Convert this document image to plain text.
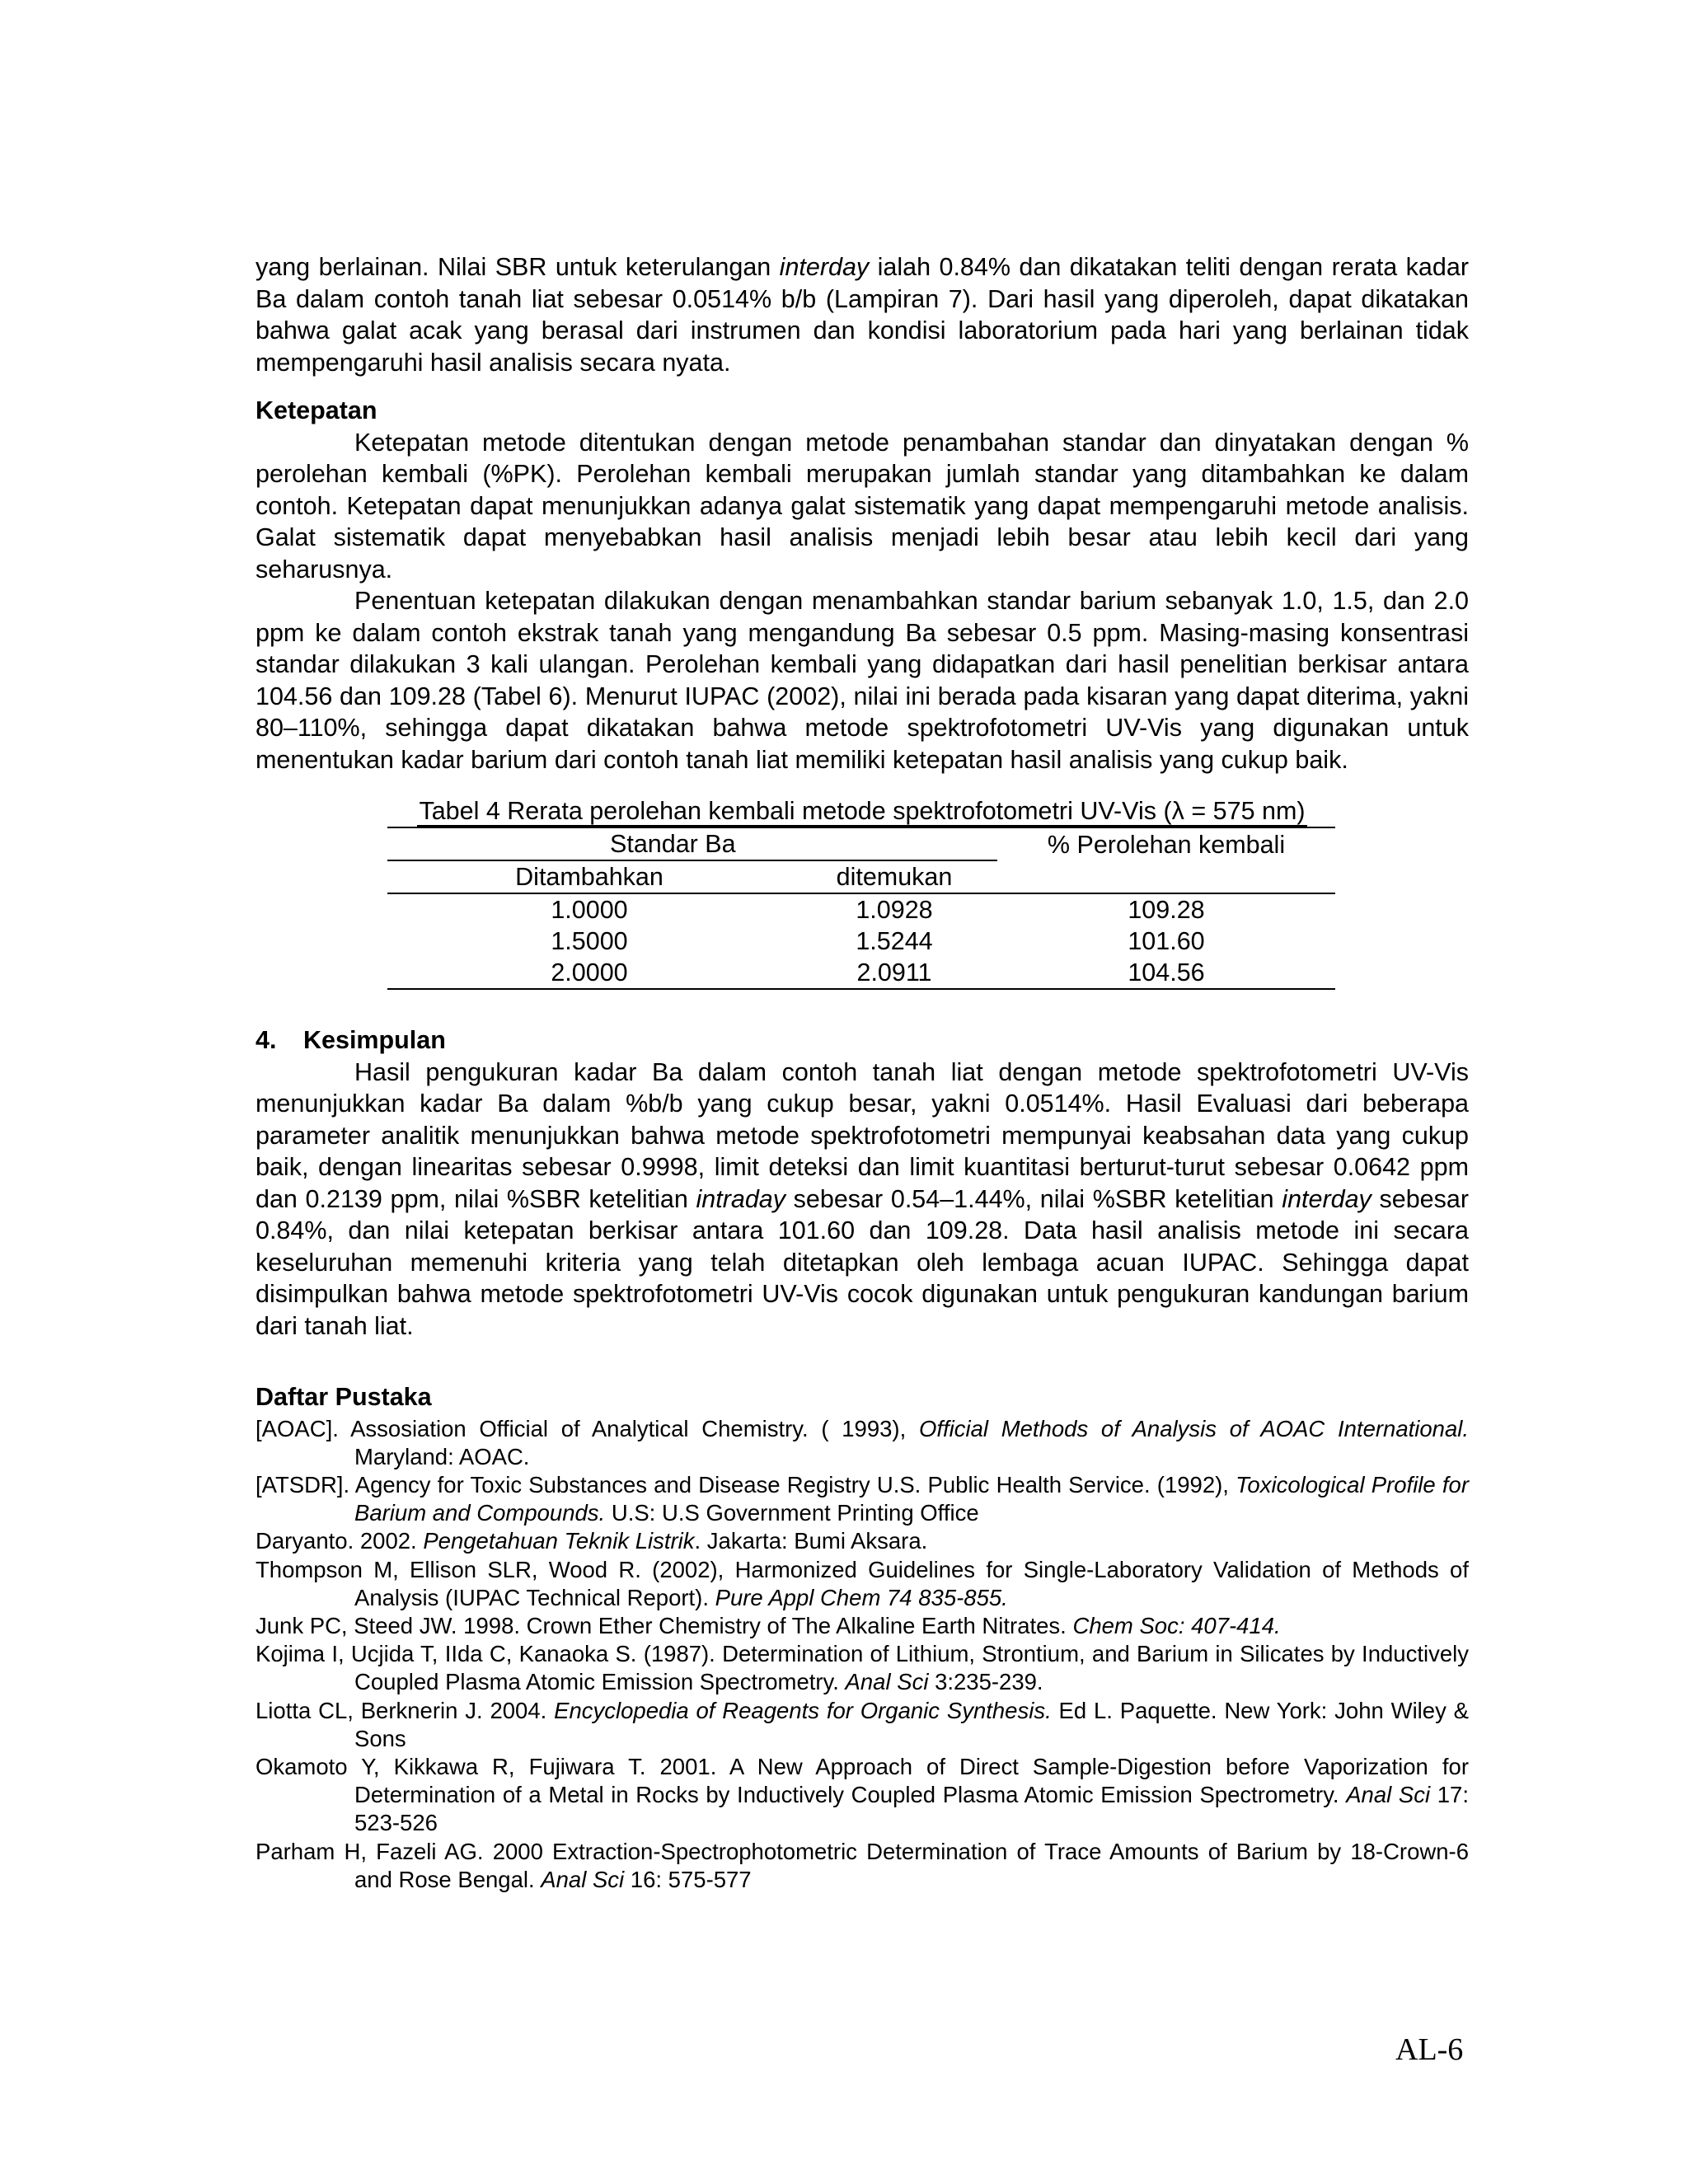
yang berlainan. Nilai SBR untuk keterulangan interday ialah 0.84% dan dikatakan teliti dengan rerata kadar Ba dalam contoh tanah liat sebesar 0.0514% b/b (Lampiran 7). Dari hasil yang diperoleh, dapat dikatakan bahwa galat acak yang berasal dari instrumen dan kondisi laboratorium pada hari yang berlainan tidak mempengaruhi hasil analisis secara nyata.

Ketepatan

Ketepatan metode ditentukan dengan metode penambahan standar dan dinyatakan dengan % perolehan kembali (%PK). Perolehan kembali merupakan jumlah standar yang ditambahkan ke dalam contoh. Ketepatan dapat menunjukkan adanya galat sistematik yang dapat mempengaruhi metode analisis. Galat sistematik dapat menyebabkan hasil analisis menjadi lebih besar atau lebih kecil dari yang seharusnya.

Penentuan ketepatan dilakukan dengan menambahkan standar barium sebanyak 1.0, 1.5, dan 2.0 ppm ke dalam contoh ekstrak tanah yang mengandung Ba sebesar 0.5 ppm. Masing-masing konsentrasi standar dilakukan 3 kali ulangan. Perolehan kembali yang didapatkan dari hasil penelitian berkisar antara 104.56 dan 109.28 (Tabel 6). Menurut IUPAC (2002), nilai ini berada pada kisaran yang dapat diterima, yakni 80–110%, sehingga dapat dikatakan bahwa metode spektrofotometri UV-Vis yang digunakan untuk menentukan kadar barium dari contoh tanah liat memiliki ketepatan hasil analisis yang cukup baik.

Tabel 4 Rerata perolehan kembali metode spektrofotometri UV-Vis (λ = 575 nm)
Standar Ba		% Perolehan kembali
Ditambahkan	ditemukan	
1.0000	1.0928	109.28
1.5000	1.5244	101.60
2.0000	2.0911	104.56
4. Kesimpulan

Hasil pengukuran kadar Ba dalam contoh tanah liat dengan metode spektrofotometri UV-Vis menunjukkan kadar Ba dalam %b/b yang cukup besar, yakni 0.0514%. Hasil Evaluasi dari beberapa parameter analitik menunjukkan bahwa metode spektrofotometri mempunyai keabsahan data yang cukup baik, dengan linearitas sebesar 0.9998, limit deteksi dan limit kuantitasi berturut-turut sebesar 0.0642 ppm dan 0.2139 ppm, nilai %SBR ketelitian intraday sebesar 0.54–1.44%, nilai %SBR ketelitian interday sebesar 0.84%, dan nilai ketepatan berkisar antara 101.60 dan 109.28. Data hasil analisis metode ini secara keseluruhan memenuhi kriteria yang telah ditetapkan oleh lembaga acuan IUPAC. Sehingga dapat disimpulkan bahwa metode spektrofotometri UV-Vis cocok digunakan untuk pengukuran kandungan barium dari tanah liat.

Daftar Pustaka
[AOAC]. Assosiation Official of Analytical Chemistry. ( 1993), Official Methods of Analysis of AOAC International. Maryland: AOAC.
[ATSDR]. Agency for Toxic Substances and Disease Registry U.S. Public Health Service. (1992), Toxicological Profile for Barium and Compounds. U.S: U.S Government Printing Office
Daryanto. 2002. Pengetahuan Teknik Listrik. Jakarta: Bumi Aksara.
Thompson M, Ellison SLR, Wood R. (2002), Harmonized Guidelines for Single-Laboratory Validation of Methods of Analysis (IUPAC Technical Report). Pure Appl Chem 74 835-855.
Junk PC, Steed JW. 1998. Crown Ether Chemistry of The Alkaline Earth Nitrates. Chem Soc: 407-414.
Kojima I, Ucjida T, IIda C, Kanaoka S. (1987). Determination of Lithium, Strontium, and Barium in Silicates by Inductively Coupled Plasma Atomic Emission Spectrometry. Anal Sci 3:235-239.
Liotta CL, Berknerin J. 2004. Encyclopedia of Reagents for Organic Synthesis. Ed L. Paquette. New York: John Wiley & Sons
Okamoto Y, Kikkawa R, Fujiwara T. 2001. A New Approach of Direct Sample-Digestion before Vaporization for Determination of a Metal in Rocks by Inductively Coupled Plasma Atomic Emission Spectrometry. Anal Sci 17: 523-526
Parham H, Fazeli AG. 2000 Extraction-Spectrophotometric Determination of Trace Amounts of Barium by 18-Crown-6 and Rose Bengal. Anal Sci 16: 575-577
AL-6
